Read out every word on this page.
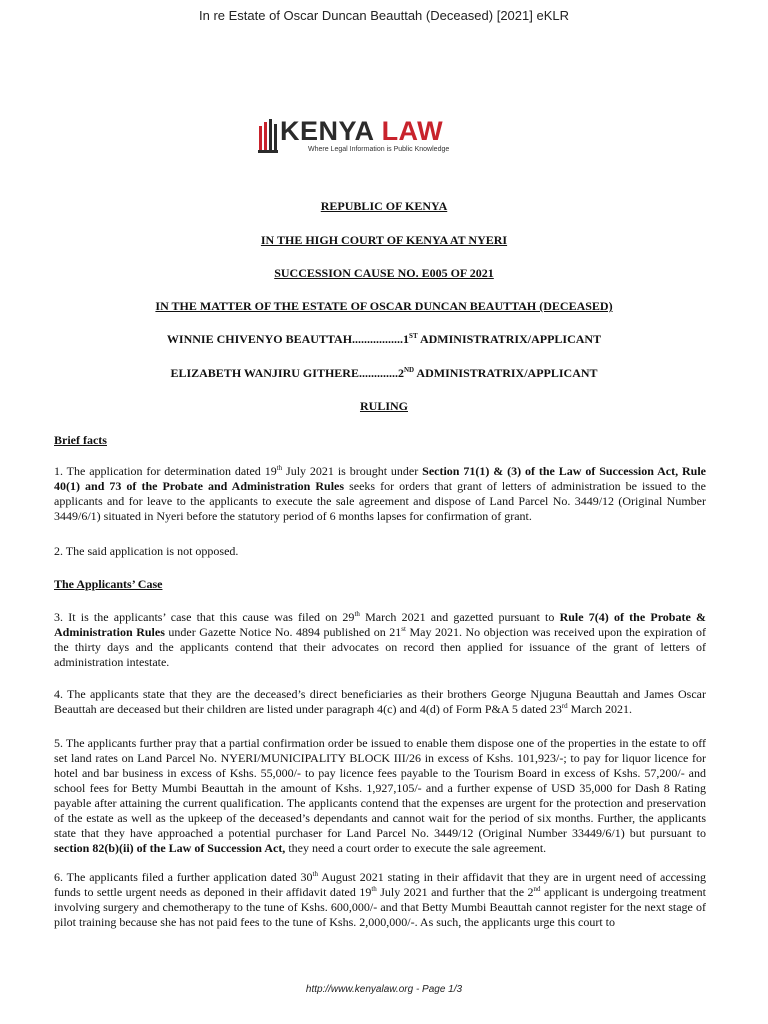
In re Estate of Oscar Duncan Beauttah (Deceased) [2021] eKLR
KENYA LAW
Where Legal Information is Public Knowledge
REPUBLIC OF KENYA
IN THE HIGH COURT OF KENYA AT NYERI
SUCCESSION CAUSE NO. E005 OF 2021
IN THE MATTER OF THE ESTATE OF OSCAR DUNCAN BEAUTTAH (DECEASED)
WINNIE CHIVENYO BEAUTTAH.................1ST ADMINISTRATRIX/APPLICANT
ELIZABETH WANJIRU GITHERE.............2ND ADMINISTRATRIX/APPLICANT
RULING
Brief facts
1. The application for determination dated 19th July 2021 is brought under Section 71(1) & (3) of the Law of Succession Act, Rule 40(1) and 73 of the Probate and Administration Rules seeks for orders that grant of letters of administration be issued to the applicants and for leave to the applicants to execute the sale agreement and dispose of Land Parcel No. 3449/12 (Original Number 3449/6/1) situated in Nyeri before the statutory period of 6 months lapses for confirmation of grant.
2. The said application is not opposed.
The Applicants’ Case
3. It is the applicants’ case that this cause was filed on 29th March 2021 and gazetted pursuant to Rule 7(4) of the Probate & Administration Rules under Gazette Notice No. 4894 published on 21st May 2021. No objection was received upon the expiration of the thirty days and the applicants contend that their advocates on record then applied for issuance of the grant of letters of administration intestate.
4. The applicants state that they are the deceased’s direct beneficiaries as their brothers George Njuguna Beauttah and James Oscar Beauttah are deceased but their children are listed under paragraph 4(c) and 4(d) of Form P&A 5 dated 23rd March 2021.
5. The applicants further pray that a partial confirmation order be issued to enable them dispose one of the properties in the estate to off set land rates on Land Parcel No. NYERI/MUNICIPALITY BLOCK III/26 in excess of Kshs. 101,923/-; to pay for liquor licence for hotel and bar business in excess of Kshs. 55,000/- to pay licence fees payable to the Tourism Board in excess of Kshs. 57,200/- and school fees for Betty Mumbi Beauttah in the amount of Kshs. 1,927,105/- and a further expense of USD 35,000 for Dash 8 Rating payable after attaining the current qualification. The applicants contend that the expenses are urgent for the protection and preservation of the estate as well as the upkeep of the deceased’s dependants and cannot wait for the period of six months. Further, the applicants state that they have approached a potential purchaser for Land Parcel No. 3449/12 (Original Number 33449/6/1) but pursuant to section 82(b)(ii) of the Law of Succession Act, they need a court order to execute the sale agreement.
6. The applicants filed a further application dated 30th August 2021 stating in their affidavit that they are in urgent need of accessing funds to settle urgent needs as deponed in their affidavit dated 19th July 2021 and further that the 2nd applicant is undergoing treatment involving surgery and chemotherapy to the tune of Kshs. 600,000/- and that Betty Mumbi Beauttah cannot register for the next stage of pilot training because she has not paid fees to the tune of Kshs. 2,000,000/-. As such, the applicants urge this court to
http://www.kenyalaw.org - Page 1/3
